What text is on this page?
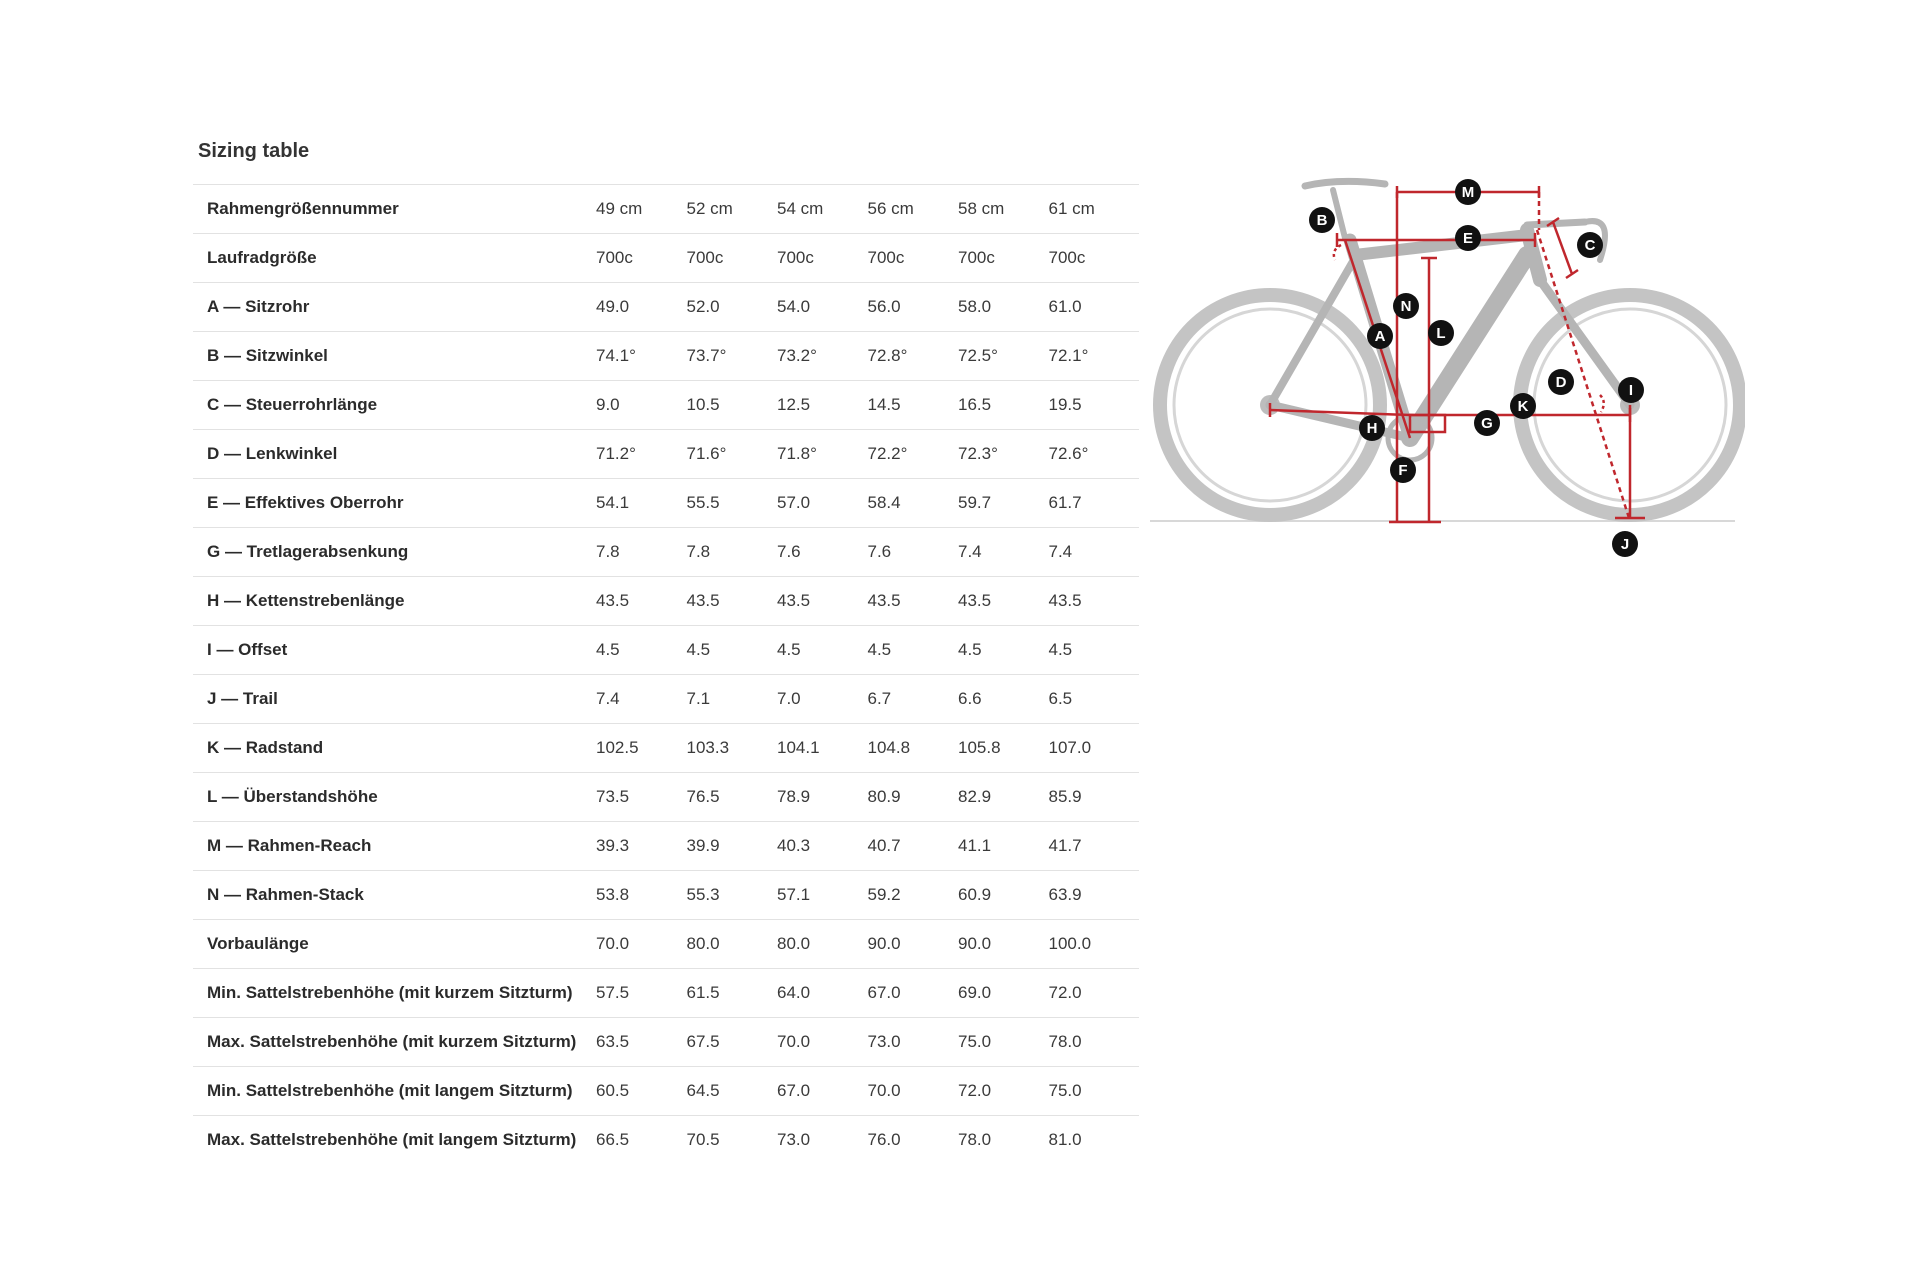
Sizing table
Rahmengrößennummer	49 cm	52 cm	54 cm	56 cm	58 cm	61 cm
Laufradgröße	700c	700c	700c	700c	700c	700c
A — Sitzrohr	49.0	52.0	54.0	56.0	58.0	61.0
B — Sitzwinkel	74.1°	73.7°	73.2°	72.8°	72.5°	72.1°
C — Steuerrohrlänge	9.0	10.5	12.5	14.5	16.5	19.5
D — Lenkwinkel	71.2°	71.6°	71.8°	72.2°	72.3°	72.6°
E — Effektives Oberrohr	54.1	55.5	57.0	58.4	59.7	61.7
G — Tretlagerabsenkung	7.8	7.8	7.6	7.6	7.4	7.4
H — Kettenstrebenlänge	43.5	43.5	43.5	43.5	43.5	43.5
I — Offset	4.5	4.5	4.5	4.5	4.5	4.5
J — Trail	7.4	7.1	7.0	6.7	6.6	6.5
K — Radstand	102.5	103.3	104.1	104.8	105.8	107.0
L — Überstandshöhe	73.5	76.5	78.9	80.9	82.9	85.9
M — Rahmen-Reach	39.3	39.9	40.3	40.7	41.1	41.7
N — Rahmen-Stack	53.8	55.3	57.1	59.2	60.9	63.9
Vorbaulänge	70.0	80.0	80.0	90.0	90.0	100.0
Min. Sattelstrebenhöhe (mit kurzem Sitzturm)	57.5	61.5	64.0	67.0	69.0	72.0
Max. Sattelstrebenhöhe (mit kurzem Sitzturm)	63.5	67.5	70.0	73.0	75.0	78.0
Min. Sattelstrebenhöhe (mit langem Sitzturm)	60.5	64.5	67.0	70.0	72.0	75.0
Max. Sattelstrebenhöhe (mit langem Sitzturm)	66.5	70.5	73.0	76.0	78.0	81.0
M
B
E	C
N
A	L
D	I
K
H	G
F
J
